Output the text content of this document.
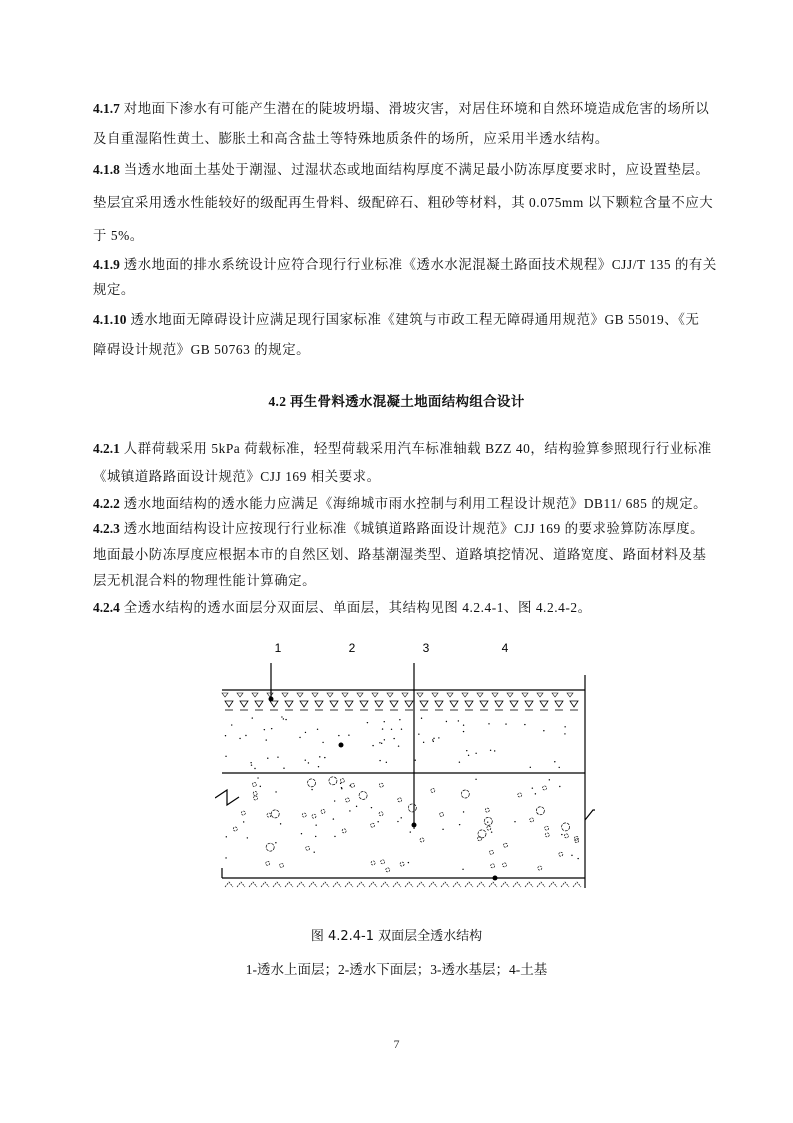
4.1.7 对地面下渗水有可能产生潜在的陡坡坍塌、滑坡灾害，对居住环境和自然环境造成危害的场所以
及自重湿陷性黄土、膨胀土和高含盐土等特殊地质条件的场所，应采用半透水结构。
4.1.8 当透水地面土基处于潮湿、过湿状态或地面结构厚度不满足最小防冻厚度要求时，应设置垫层。
垫层宜采用透水性能较好的级配再生骨料、级配碎石、粗砂等材料，其 0.075mm 以下颗粒含量不应大
于 5%。
4.1.9 透水地面的排水系统设计应符合现行行业标准《透水水泥混凝土路面技术规程》CJJ/T 135 的有关
规定。
4.1.10 透水地面无障碍设计应满足现行国家标准《建筑与市政工程无障碍通用规范》GB 55019、《无
障碍设计规范》GB 50763 的规定。
4.2 再生骨料透水混凝土地面结构组合设计
4.2.1 人群荷载采用 5kPa 荷载标准，轻型荷载采用汽车标准轴载 BZZ 40，结构验算参照现行行业标准
《城镇道路路面设计规范》CJJ 169 相关要求。
4.2.2 透水地面结构的透水能力应满足《海绵城市雨水控制与利用工程设计规范》DB11/ 685 的规定。
4.2.3 透水地面结构设计应按现行行业标准《城镇道路路面设计规范》CJJ 169 的要求验算防冻厚度。
地面最小防冻厚度应根据本市的自然区划、路基潮湿类型、道路填挖情况、道路宽度、路面材料及基
层无机混合料的物理性能计算确定。
4.2.4 全透水结构的透水面层分双面层、单面层，其结构见图 4.2.4-1、图 4.2.4-2。
1	2	3	4
图 4.2.4-1 双面层全透水结构
1-透水上面层；2-透水下面层；3-透水基层；4-土基
7
